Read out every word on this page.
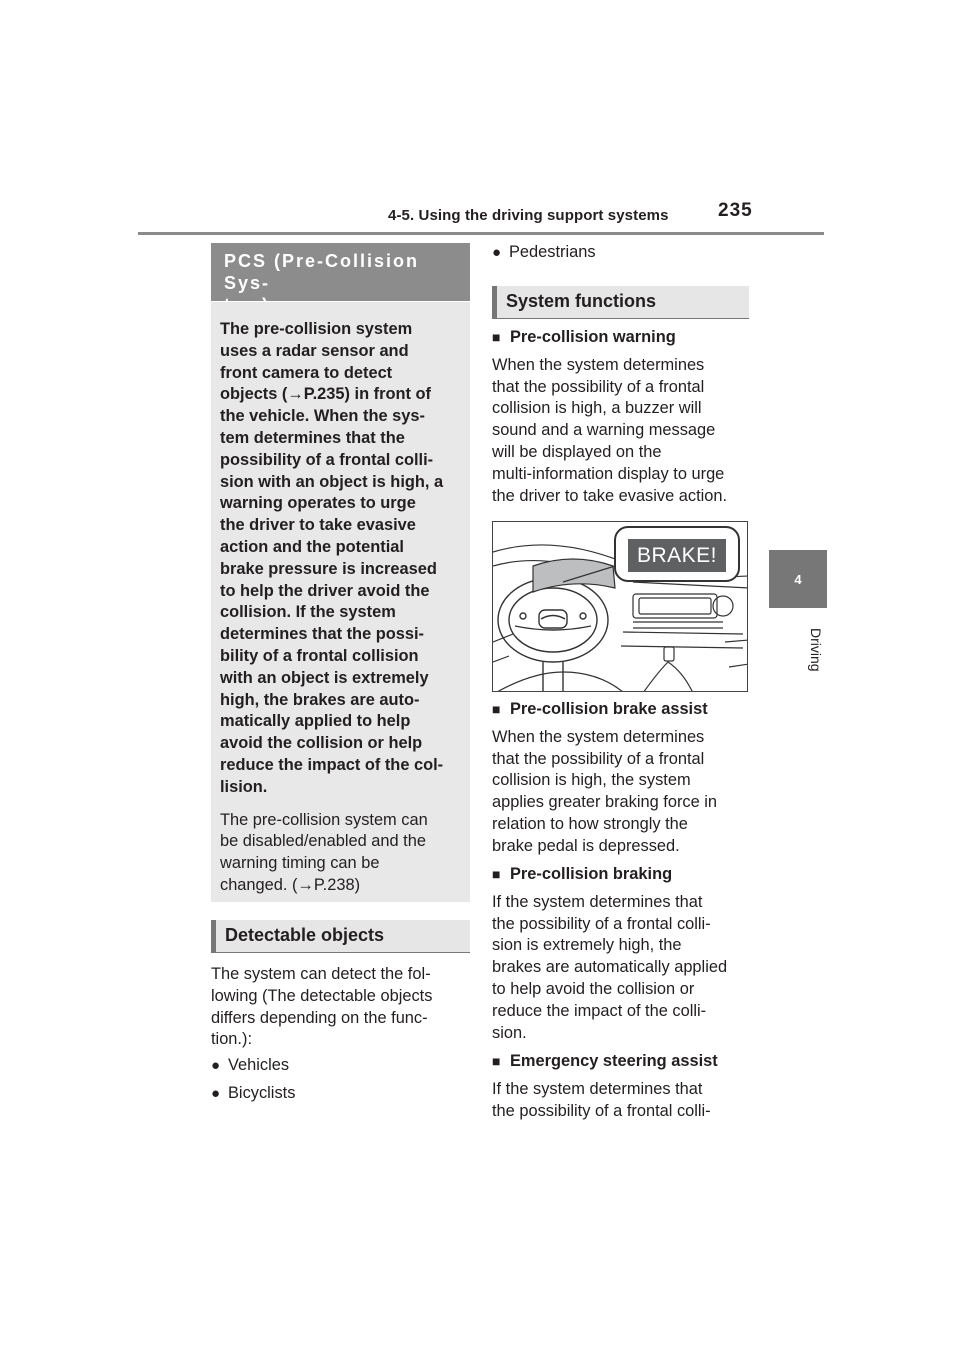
4-5. Using the driving support systems	235
4
Driving
PCS (Pre-Collision Sys-

The pre-collision system

uses a radar sensor and

front camera to detect

objects (→P.235) in front of

the vehicle. When the sys-

tem determines that the

possibility of a frontal colli-

sion with an object is high, a

warning operates to urge

the driver to take evasive

action and the potential

brake pressure is increased

to help the driver avoid the

collision. If the system

determines that the possi-

bility of a frontal collision

with an object is extremely

high, the brakes are auto-

matically applied to help

avoid the collision or help

reduce the impact of the col-

lision.

The pre-collision system can

be disabled/enabled and the

warning timing can be

changed. (→P.238)

Detectable objects

The system can detect the fol-

lowing (The detectable objects

differs depending on the func-

tion.):

● Vehicles
● Bicyclists
● Pedestrians
System functions
■ Pre-collision warning

When the system determines

that the possibility of a frontal

collision is high, a buzzer will

sound and a warning message

will be displayed on the

multi-information display to urge

the driver to take evasive action.

BRAKE!
■ Pre-collision brake assist

When the system determines

that the possibility of a frontal

collision is high, the system

applies greater braking force in

relation to how strongly the

brake pedal is depressed.

■ Pre-collision braking

If the system determines that

the possibility of a frontal colli-

sion is extremely high, the

brakes are automatically applied

to help avoid the collision or

reduce the impact of the colli-

sion.

■ Emergency steering assist

If the system determines that

the possibility of a frontal colli-
